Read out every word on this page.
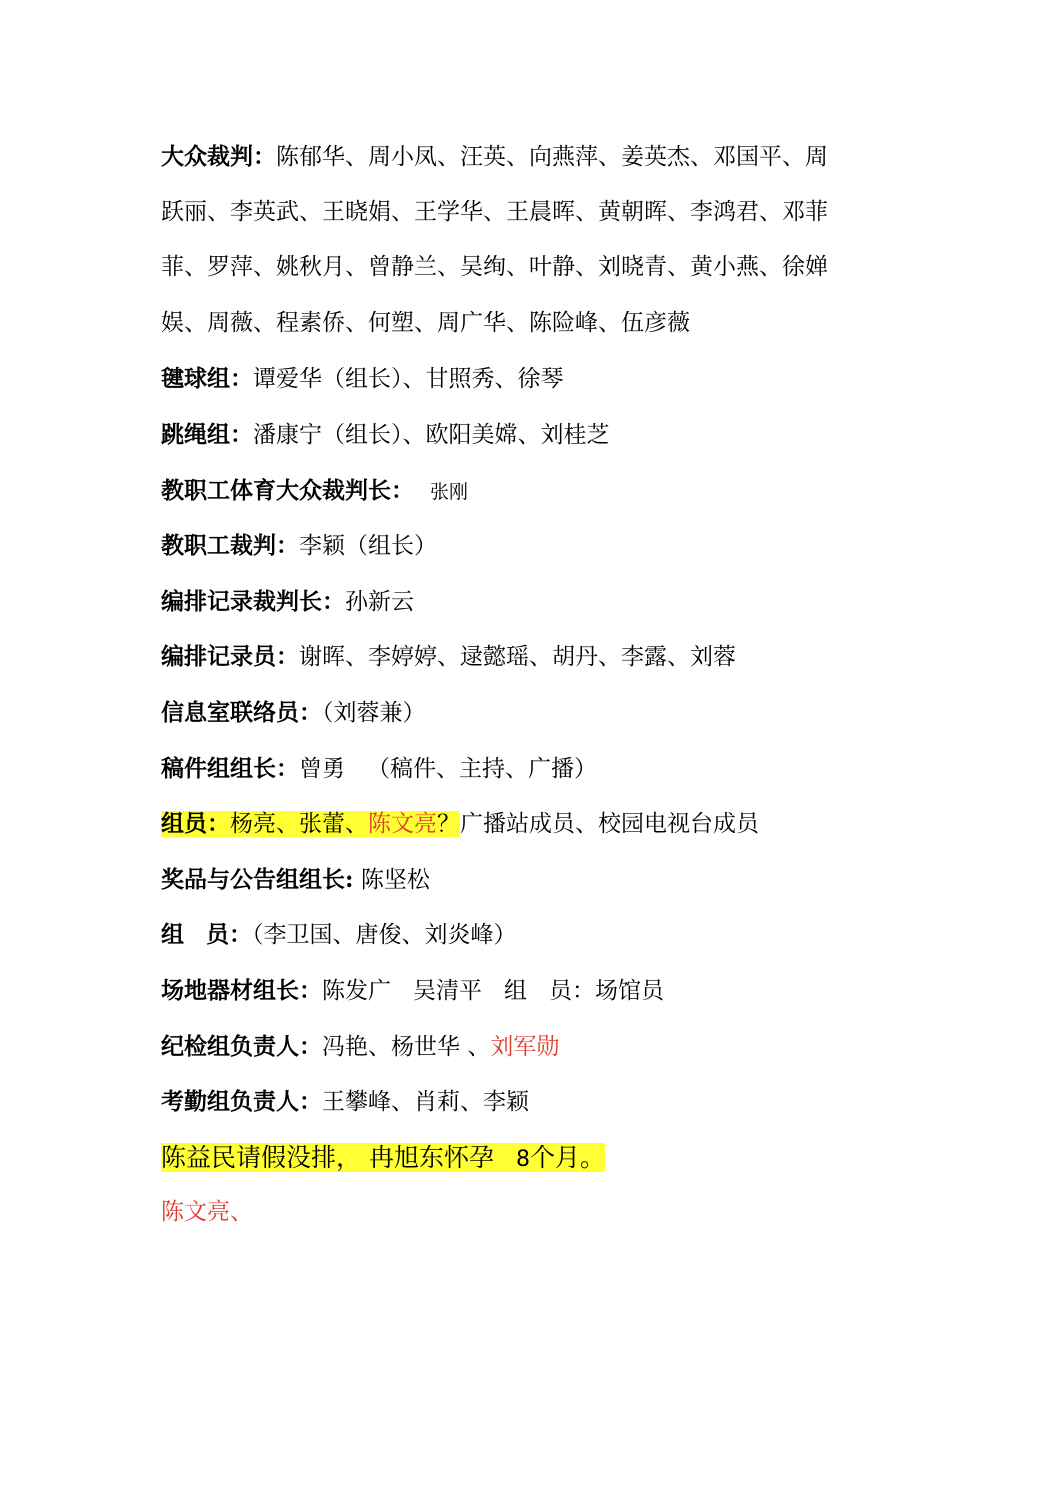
大众裁判：陈郁华、周小凤、汪英、向燕萍、姜英杰、邓国平、周
跃丽、李英武、王晓娟、王学华、王晨晖、黄朝晖、李鸿君、邓菲
菲、罗萍、姚秋月、曾静兰、吴绚、叶静、刘晓青、黄小燕、徐婵
娱、周薇、程素侨、何塑、周广华、陈险峰、伍彦薇
毽球组：谭爱华（组长）、甘照秀、徐琴
跳绳组：潘康宁（组长）、欧阳美嫦、刘桂芝
教职工体育大众裁判长： 张刚
教职工裁判：李颖（组长）
编排记录裁判长：孙新云
编排记录员：谢晖、李婷婷、逯懿瑶、胡丹、李露、刘蓉
信息室联络员：（刘蓉兼）
稿件组组长：曾勇 （稿件、主持、广播）
组员：杨亮、张蕾、陈文亮？广播站成员、校园电视台成员
奖品与公告组组长: 陈坚松
组 员：（李卫国、唐俊、刘炎峰）
场地器材组长：陈发广 吴清平 组 员：场馆员
纪检组负责人：冯艳、杨世华 、刘军勋
考勤组负责人：王攀峰、肖莉、李颖
陈益民请假没排， 冉旭东怀孕 8个月。
陈文亮、
